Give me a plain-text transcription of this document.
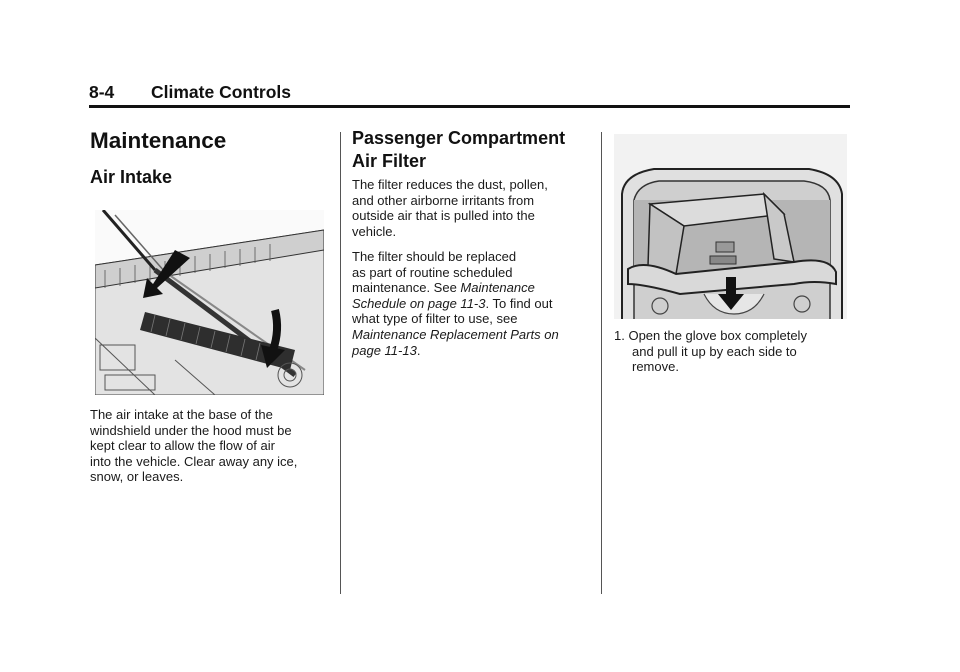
8-4 Climate Controls
Maintenance
Air Intake
The air intake at the base of the
windshield under the hood must be
kept clear to allow the flow of air
into the vehicle. Clear away any ice,
snow, or leaves.
Passenger Compartment
Air Filter
The filter reduces the dust, pollen,
and other airborne irritants from
outside air that is pulled into the
vehicle.
The filter should be replaced
as part of routine scheduled
maintenance. See Maintenance
Schedule on page 11-3. To find out
what type of filter to use, see
Maintenance Replacement Parts on
page 11-13.
1. Open the glove box completely
and pull it up by each side to
remove.
